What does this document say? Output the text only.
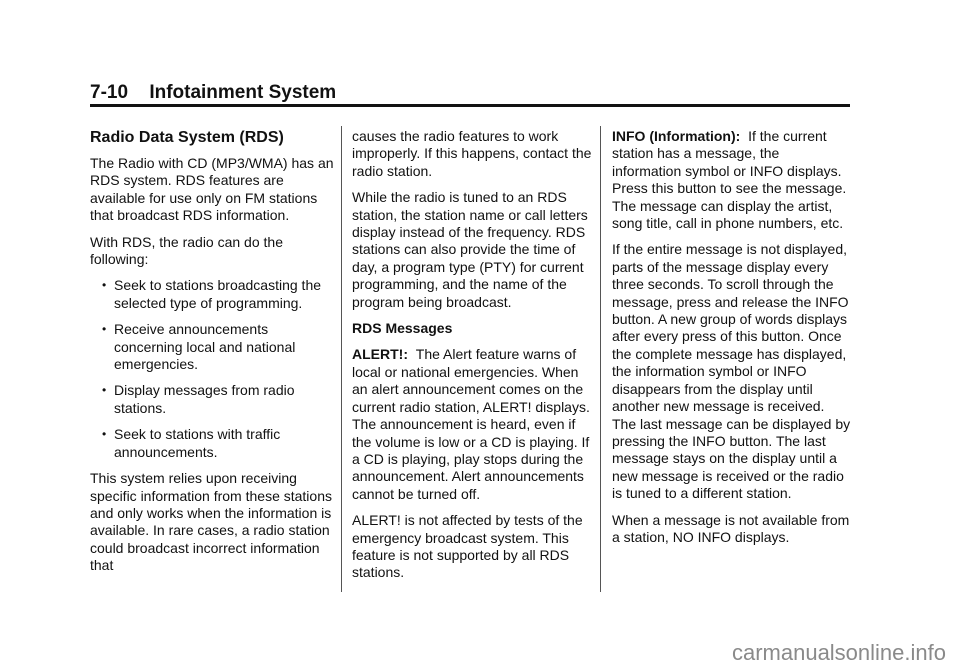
7-10 Infotainment System
Radio Data System (RDS)

The Radio with CD (MP3/WMA) has an RDS system. RDS features are available for use only on FM stations that broadcast RDS information.

With RDS, the radio can do the following:

• Seek to stations broadcasting the selected type of programming.
• Receive announcements concerning local and national emergencies.
• Display messages from radio stations.
• Seek to stations with traffic announcements.

This system relies upon receiving specific information from these stations and only works when the information is available. In rare cases, a radio station could broadcast incorrect information that

causes the radio features to work improperly. If this happens, contact the radio station.

While the radio is tuned to an RDS station, the station name or call letters display instead of the frequency. RDS stations can also provide the time of day, a program type (PTY) for current programming, and the name of the program being broadcast.

RDS Messages

ALERT!: The Alert feature warns of local or national emergencies. When an alert announcement comes on the current radio station, ALERT! displays. The announcement is heard, even if the volume is low or a CD is playing. If a CD is playing, play stops during the announcement. Alert announcements cannot be turned off.

ALERT! is not affected by tests of the emergency broadcast system. This feature is not supported by all RDS stations.

INFO (Information): If the current station has a message, the information symbol or INFO displays. Press this button to see the message. The message can display the artist, song title, call in phone numbers, etc.

If the entire message is not displayed, parts of the message display every three seconds. To scroll through the message, press and release the INFO button. A new group of words displays after every press of this button. Once the complete message has displayed, the information symbol or INFO disappears from the display until another new message is received. The last message can be displayed by pressing the INFO button. The last message stays on the display until a new message is received or the radio is tuned to a different station.

When a message is not available from a station, NO INFO displays.

carmanualsonline.info
